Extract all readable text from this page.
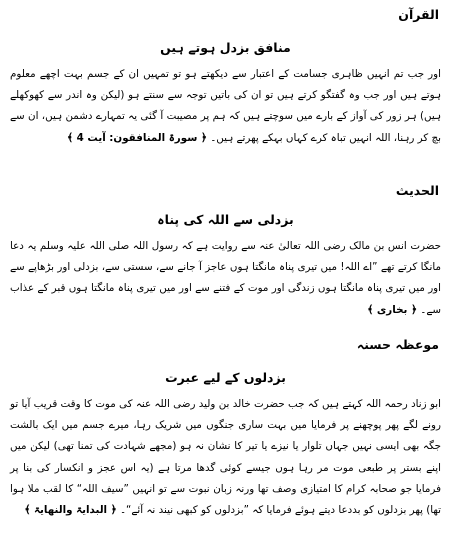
القرآن
منافق بزدل ہوتے ہیں
اور جب تم انہیں ظاہری جسامت کے اعتبار سے دیکھتے ہو تو تمہیں ان کے جسم بہت اچھے معلوم ہوتے ہیں اور جب وہ گفتگو کرتے ہیں تو ان کی باتیں توجہ سے سنتے ہو (لیکن وہ اندر سے کھوکھلے ہیں) ہر زور کی آواز کے بارے میں سوچتے ہیں کہ ہم پر مصیبت آ گئی یہ تمہارے دشمن ہیں، ان سے بچ کر رہنا، اللہ انہیں تباہ کرے کہاں بہکے پھرتے ہیں۔ ﴿ سورۃ المنافقون: آیت 4 ﴾
الحدیث
بزدلی سے اللہ کی پناہ
حضرت انس بن مالک رضی اللہ تعالیٰ عنہ سے روایت ہے کہ رسول اللہ صلی اللہ علیہ وسلم یہ دعا مانگا کرتے تھے ”اے اللہ! میں تیری پناہ مانگتا ہوں عاجز آ جانے سے، سستی سے، بزدلی اور بڑھاپے سے اور میں تیری پناہ مانگتا ہوں زندگی اور موت کے فتنے سے اور میں تیری پناہ مانگتا ہوں قبر کے عذاب سے۔ ﴿ بخاری ﴾
موعظہ حسنہ
بزدلوں کے لیے عبرت
ابو زناد رحمہ اللہ کہتے ہیں کہ جب حضرت خالد بن ولید رضی اللہ عنہ کی موت کا وقت قریب آیا تو رونے لگے پھر پوچھنے پر فرمایا میں بہت ساری جنگوں میں شریک رہا، میرے جسم میں ایک بالشت جگہ بھی ایسی نہیں جہاں تلوار یا نیزے یا تیر کا نشان نہ ہو (مجھے شہادت کی تمنا تھی) لیکن میں اپنے بستر پر طبعی موت مر رہا ہوں جیسے کوئی گدھا مرتا ہے (یہ اس عجز و انکسار کی بنا پر فرمایا جو صحابہ کرام کا امتیازی وصف تھا ورنہ زبان نبوت سے تو انہیں ”سیف اللہ“ کا لقب ملا ہوا تھا) پھر بزدلوں کو بددعا دیتے ہوئے فرمایا کہ ”بزدلوں کو کبھی نیند نہ آئے“۔ ﴿ البدایۃ والنھایۃ ﴾
